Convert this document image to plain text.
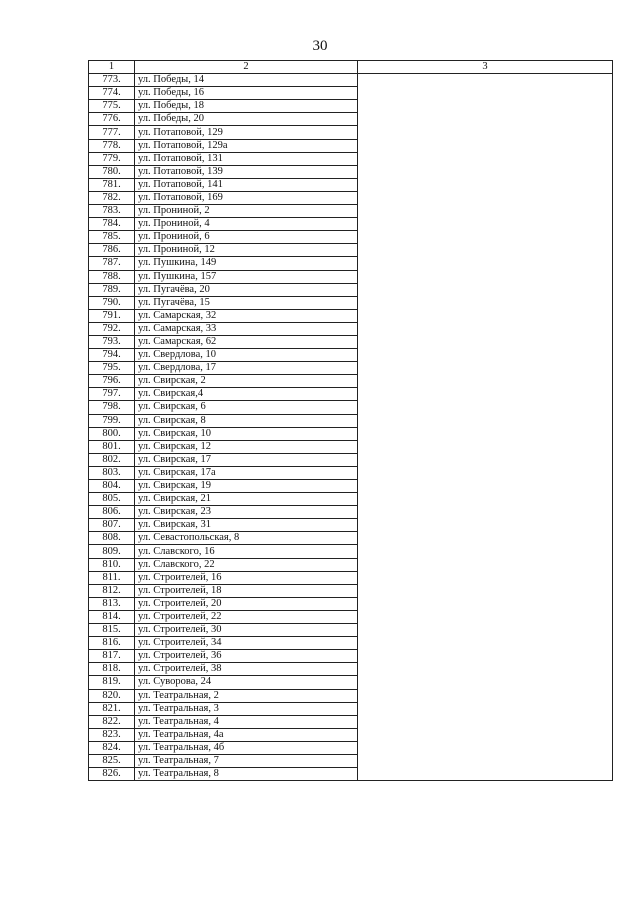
30
1	2	3
773.	ул. Победы, 14	
774.	ул. Победы, 16	
775.	ул. Победы, 18	
776.	ул. Победы, 20	
777.	ул. Потаповой, 129	
778.	ул. Потаповой, 129а	
779.	ул. Потаповой, 131	
780.	ул. Потаповой, 139	
781.	ул. Потаповой, 141	
782.	ул. Потаповой, 169	
783.	ул. Прониной, 2	
784.	ул. Прониной, 4	
785.	ул. Прониной, 6	
786.	ул. Прониной, 12	
787.	ул. Пушкина, 149	
788.	ул. Пушкина, 157	
789.	ул. Пугачёва, 20	
790.	ул. Пугачёва, 15	
791.	ул. Самарская, 32	
792.	ул. Самарская, 33	
793.	ул. Самарская, 62	
794.	ул. Свердлова, 10	
795.	ул. Свердлова, 17	
796.	ул. Свирская, 2	
797.	ул. Свирская,4	
798.	ул. Свирская, 6	
799.	ул. Свирская, 8	
800.	ул. Свирская, 10	
801.	ул. Свирская, 12	
802.	ул. Свирская, 17	
803.	ул. Свирская, 17а	
804.	ул. Свирская, 19	
805.	ул. Свирская, 21	
806.	ул. Свирская, 23	
807.	ул. Свирская, 31	
808.	ул. Севастопольская, 8	
809.	ул. Славского, 16	
810.	ул. Славского, 22	
811.	ул. Строителей, 16	
812.	ул. Строителей, 18	
813.	ул. Строителей, 20	
814.	ул. Строителей, 22	
815.	ул. Строителей, 30	
816.	ул. Строителей, 34	
817.	ул. Строителей, 36	
818.	ул. Строителей, 38	
819.	ул. Суворова, 24	
820.	ул. Театральная, 2	
821.	ул. Театральная, 3	
822.	ул. Театральная, 4	
823.	ул. Театральная, 4а	
824.	ул. Театральная, 4б	
825.	ул. Театральная, 7	
826.	ул. Театральная, 8	
